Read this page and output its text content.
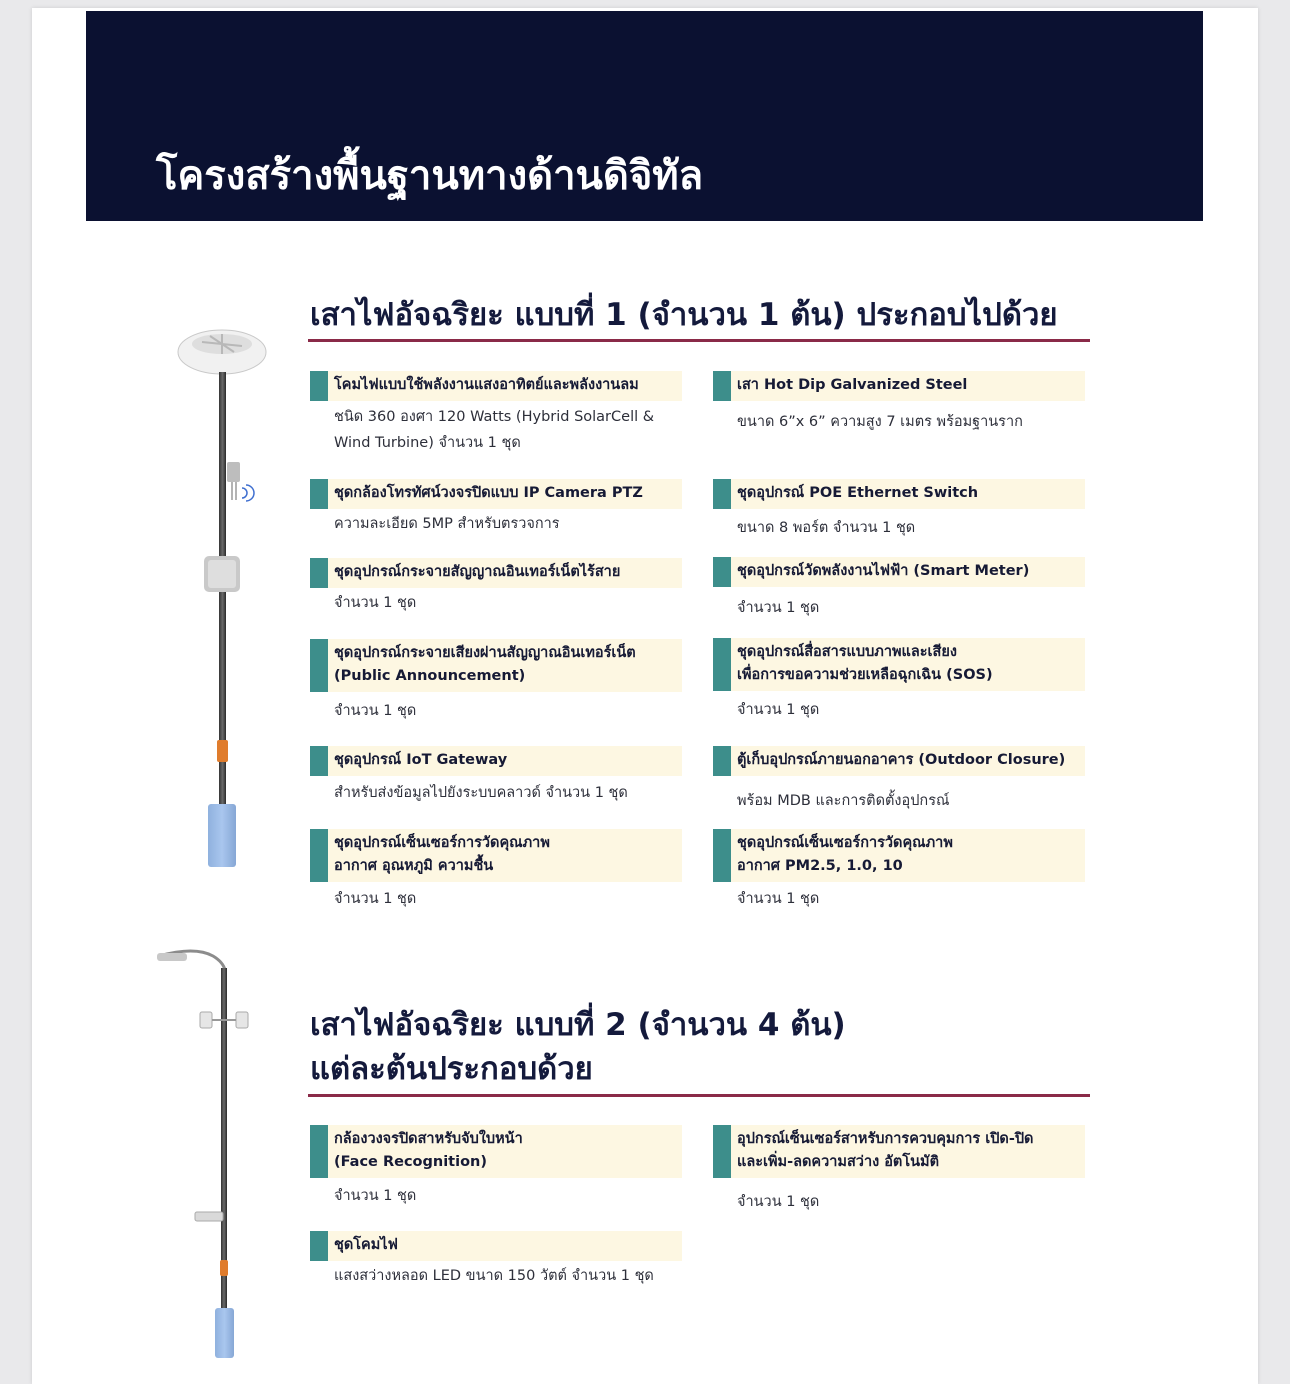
โครงสร้างพื้นฐานทางด้านดิจิทัล
เสาไฟอัจฉริยะ แบบที่ 1 (จำนวน 1 ต้น) ประกอบไปด้วย
โคมไฟแบบใช้พลังงานแสงอาทิตย์และพลังงานลม
ชนิด 360 องศา 120 Watts (Hybrid SolarCell &
Wind Turbine) จำนวน 1 ชุด
เสา Hot Dip Galvanized Steel
ขนาด 6”x 6” ความสูง 7 เมตร พร้อมฐานราก
ชุดกล้องโทรทัศน์วงจรปิดแบบ IP Camera PTZ
ความละเอียด 5MP สำหรับตรวจการ
ชุดอุปกรณ์ POE Ethernet Switch
ขนาด 8 พอร์ต จำนวน 1 ชุด
ชุดอุปกรณ์กระจายสัญญาณอินเทอร์เน็ตไร้สาย
จำนวน 1 ชุด
ชุดอุปกรณ์วัดพลังงานไฟฟ้า (Smart Meter)
จำนวน 1 ชุด
ชุดอุปกรณ์กระจายเสียงผ่านสัญญาณอินเทอร์เน็ต
(Public Announcement)
จำนวน 1 ชุด
ชุดอุปกรณ์สื่อสารแบบภาพและเสียง
เพื่อการขอความช่วยเหลือฉุกเฉิน (SOS)
จำนวน 1 ชุด
ชุดอุปกรณ์ IoT Gateway
สำหรับส่งข้อมูลไปยังระบบคลาวด์ จำนวน 1 ชุด
ตู้เก็บอุปกรณ์ภายนอกอาคาร (Outdoor Closure)
พร้อม MDB และการติดตั้งอุปกรณ์
ชุดอุปกรณ์เซ็นเซอร์การวัดคุณภาพ
อากาศ อุณหภูมิ ความชื้น
จำนวน 1 ชุด
ชุดอุปกรณ์เซ็นเซอร์การวัดคุณภาพ
อากาศ PM2.5, 1.0, 10
จำนวน 1 ชุด
เสาไฟอัจฉริยะ แบบที่ 2 (จำนวน 4 ต้น)
แต่ละต้นประกอบด้วย
กล้องวงจรปิดสาหรับจับใบหน้า
(Face Recognition)
จำนวน 1 ชุด
อุปกรณ์เซ็นเซอร์สาหรับการควบคุมการ เปิด-ปิด
และเพิ่ม-ลดความสว่าง อัตโนมัติ
จำนวน 1 ชุด
ชุดโคมไฟ
แสงสว่างหลอด LED ขนาด 150 วัตต์ จำนวน 1 ชุด
